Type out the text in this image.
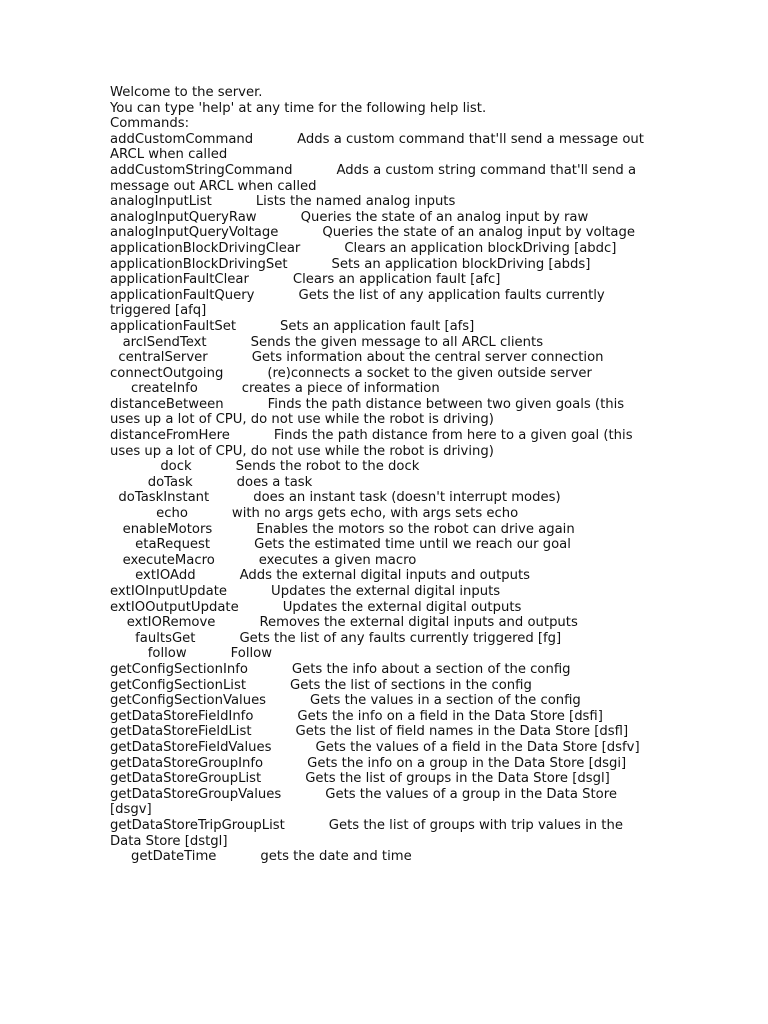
Welcome to the server.
You can type 'help' at any time for the following help list.
Commands:
addCustomCommand	Adds a custom command that'll send a message out ARCL when called
addCustomStringCommand	Adds a custom string command that'll send a message out ARCL when called
analogInputList	Lists the named analog inputs
analogInputQueryRaw	Queries the state of an analog input by raw
analogInputQueryVoltage	Queries the state of an analog input by voltage
applicationBlockDrivingClear	Clears an application blockDriving [abdc]
applicationBlockDrivingSet	Sets an application blockDriving [abds]
applicationFaultClear	Clears an application fault [afc]
applicationFaultQuery	Gets the list of any application faults currently triggered [afq]
applicationFaultSet	Sets an application fault [afs]
arclSendText	Sends the given message to all ARCL clients
centralServer	Gets information about the central server connection
connectOutgoing	(re)connects a socket to the given outside server
createInfo	creates a piece of information
distanceBetween	Finds the path distance between two given goals (this uses up a lot of CPU, do not use while the robot is driving)
distanceFromHere	Finds the path distance from here to a given goal (this uses up a lot of CPU, do not use while the robot is driving)
dock	Sends the robot to the dock
doTask	does a task
doTaskInstant	does an instant task (doesn't interrupt modes)
echo	with no args gets echo, with args sets echo
enableMotors	Enables the motors so the robot can drive again
etaRequest	Gets the estimated time until we reach our goal
executeMacro	executes a given macro
extIOAdd	Adds the external digital inputs and outputs
extIOInputUpdate	Updates the external digital inputs
extIOOutputUpdate	Updates the external digital outputs
extIORemove	Removes the external digital inputs and outputs
faultsGet	Gets the list of any faults currently triggered [fg]
follow	Follow
getConfigSectionInfo	Gets the info about a section of the config
getConfigSectionList	Gets the list of sections in the config
getConfigSectionValues	Gets the values in a section of the config
getDataStoreFieldInfo	Gets the info on a field in the Data Store [dsfi]
getDataStoreFieldList	Gets the list of field names in the Data Store [dsfl]
getDataStoreFieldValues	Gets the values of a field in the Data Store [dsfv]
getDataStoreGroupInfo	Gets the info on a group in the Data Store [dsgi]
getDataStoreGroupList	Gets the list of groups in the Data Store [dsgl]
getDataStoreGroupValues	Gets the values of a group in the Data Store [dsgv]
getDataStoreTripGroupList	Gets the list of groups with trip values in the Data Store [dstgl]
getDateTime	gets the date and time
